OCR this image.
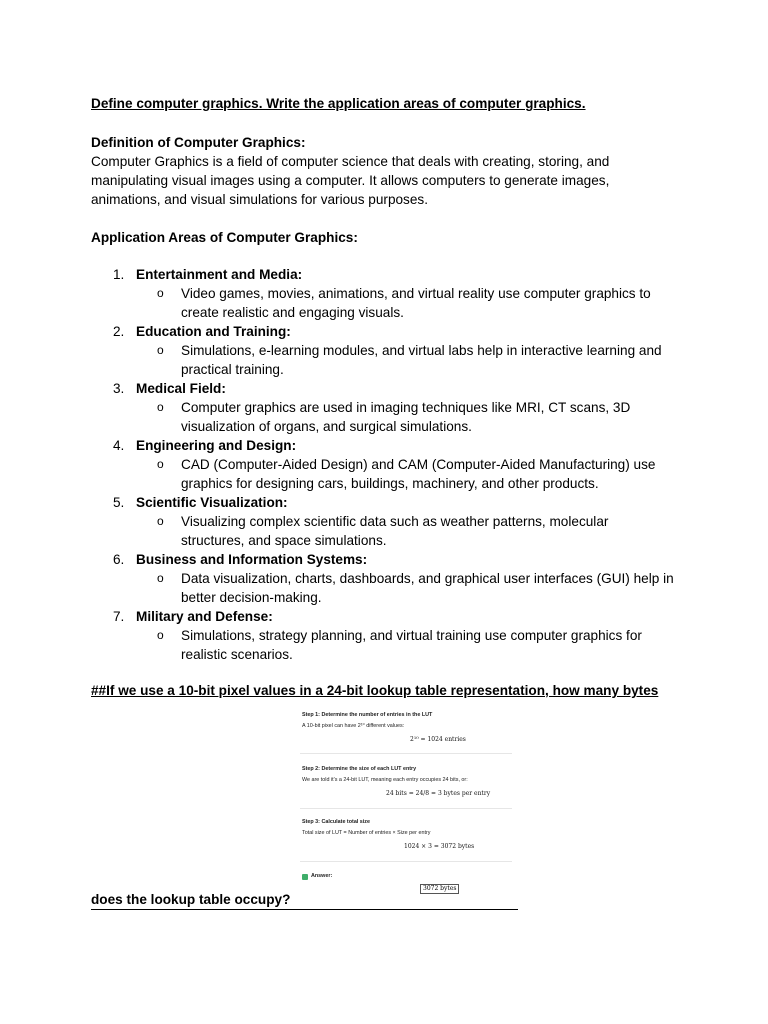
Define computer graphics. Write the application areas of computer graphics.
Definition of Computer Graphics:
Computer Graphics is a field of computer science that deals with creating, storing, and
manipulating visual images using a computer. It allows computers to generate images,
animations, and visual simulations for various purposes.
Application Areas of Computer Graphics:
1. Entertainment and Media:
o Video games, movies, animations, and virtual reality use computer graphics to
create realistic and engaging visuals.
2. Education and Training:
o Simulations, e-learning modules, and virtual labs help in interactive learning and
practical training.
3. Medical Field:
o Computer graphics are used in imaging techniques like MRI, CT scans, 3D
visualization of organs, and surgical simulations.
4. Engineering and Design:
o CAD (Computer-Aided Design) and CAM (Computer-Aided Manufacturing) use
graphics for designing cars, buildings, machinery, and other products.
5. Scientific Visualization:
o Visualizing complex scientific data such as weather patterns, molecular
structures, and space simulations.
6. Business and Information Systems:
o Data visualization, charts, dashboards, and graphical user interfaces (GUI) help in
better decision-making.
7. Military and Defense:
o Simulations, strategy planning, and virtual training use computer graphics for
realistic scenarios.
##If we use a 10-bit pixel values in a 24-bit lookup table representation, how many bytes
Step 1: Determine the number of entries in the LUT
A 10-bit pixel can have 2¹⁰ different values:
2¹⁰ = 1024 entries
Step 2: Determine the size of each LUT entry
We are told it's a 24-bit LUT, meaning each entry occupies 24 bits, or:
24 bits = 24/8 = 3 bytes per entry
Step 3: Calculate total size
Total size of LUT = Number of entries × Size per entry
1024 × 3 = 3072 bytes
Answer:
3072 bytes
does the lookup table occupy?
